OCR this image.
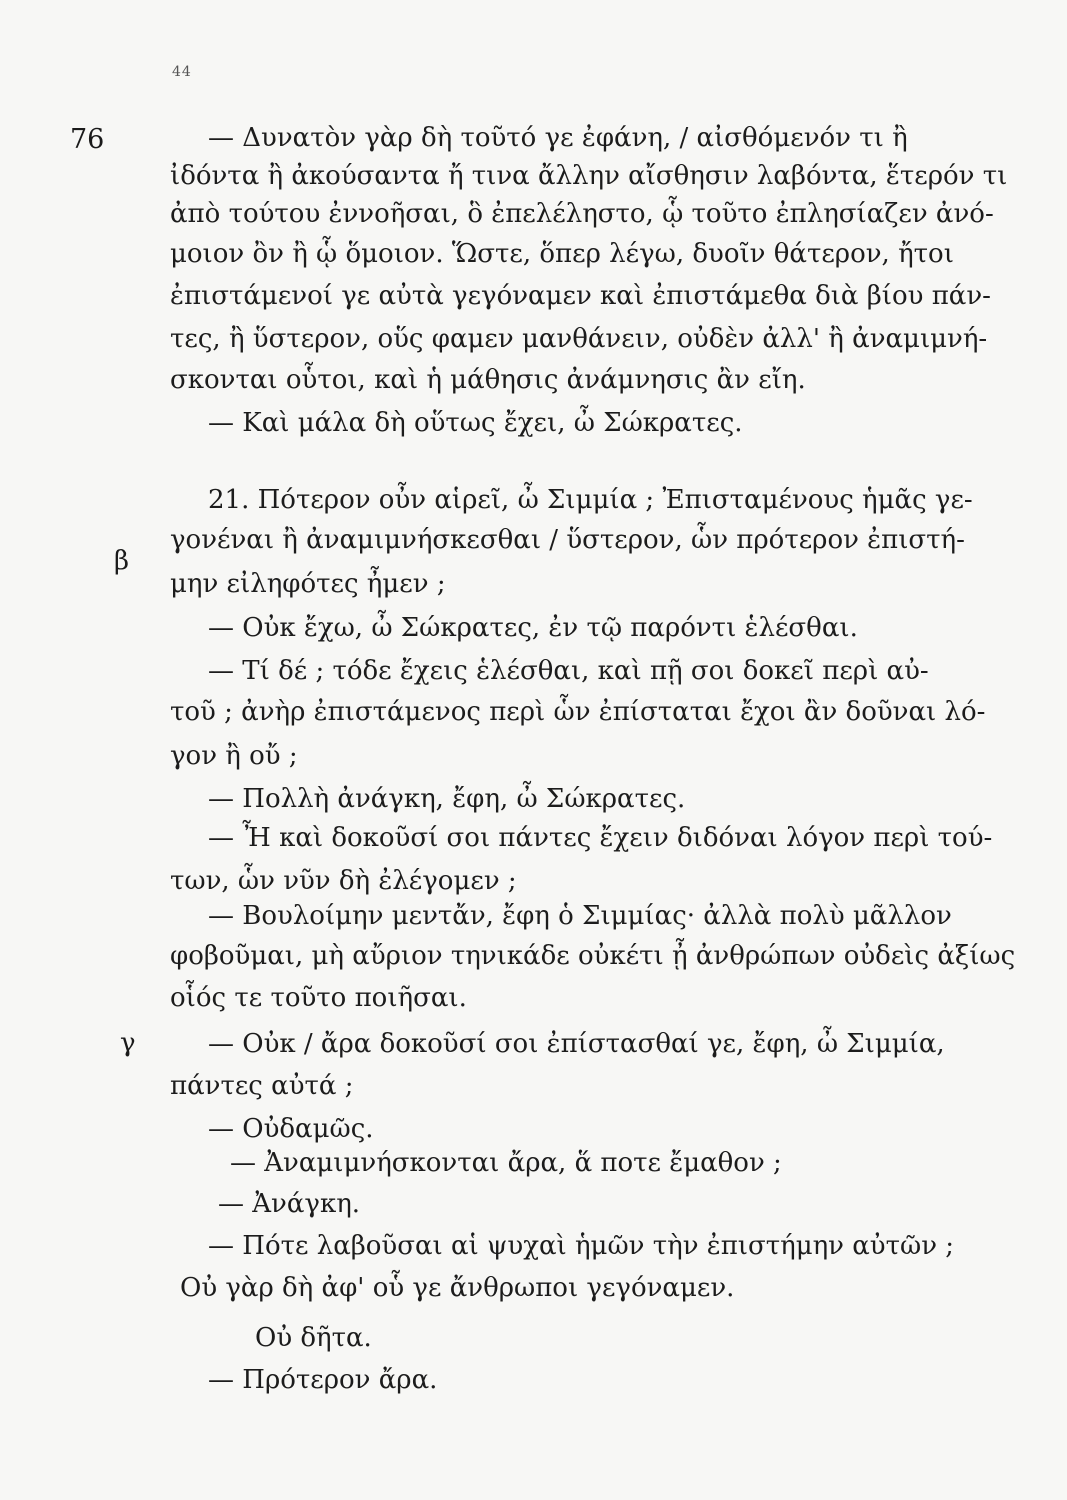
44
76
β
γ
— Δυνατὸν γὰρ δὴ τοῦτό γε ἐφάνη, / αἰσθόμενόν τι ἢ
ἰδόντα ἢ ἀκούσαντα ἤ τινα ἄλλην αἴσθησιν λαβόντα, ἕτερόν τι
ἀπὸ τούτου ἐννοῆσαι, ὃ ἐπελέληστο, ᾧ τοῦτο ἐπλησίαζεν ἀνό-
μοιον ὂν ἢ ᾧ ὅμοιον. Ὥστε, ὅπερ λέγω, δυοῖν θάτερον, ἤτοι
ἐπιστάμενοί γε αὐτὰ γεγόναμεν καὶ ἐπιστάμεθα διὰ βίου πάν-
τες, ἢ ὕστερον, οὕς φαμεν μανθάνειν, οὐδὲν ἀλλ' ἢ ἀναμιμνή-
σκονται οὗτοι, καὶ ἡ μάθησις ἀνάμνησις ἂν εἴη.
— Καὶ μάλα δὴ οὕτως ἔχει, ὦ Σώκρατες.
21. Πότερον οὖν αἱρεῖ, ὦ Σιμμία ; Ἐπισταμένους ἡμᾶς γε-
γονέναι ἢ ἀναμιμνήσκεσθαι / ὕστερον, ὧν πρότερον ἐπιστή-
μην εἰληφότες ἦμεν ;
— Οὐκ ἔχω, ὦ Σώκρατες, ἐν τῷ παρόντι ἑλέσθαι.
— Τί δέ ; τόδε ἔχεις ἑλέσθαι, καὶ πῇ σοι δοκεῖ περὶ αὐ-
τοῦ ; ἀνὴρ ἐπιστάμενος περὶ ὧν ἐπίσταται ἔχοι ἂν δοῦναι λό-
γον ἢ οὔ ;
— Πολλὴ ἀνάγκη, ἔφη, ὦ Σώκρατες.
— Ἦ καὶ δοκοῦσί σοι πάντες ἔχειν διδόναι λόγον περὶ τού-
των, ὧν νῦν δὴ ἐλέγομεν ;
— Βουλοίμην μεντἄν, ἔφη ὁ Σιμμίας· ἀλλὰ πολὺ μᾶλλον
φοβοῦμαι, μὴ αὔριον τηνικάδε οὐκέτι ᾖ ἀνθρώπων οὐδεὶς ἀξίως
οἷός τε τοῦτο ποιῆσαι.
— Οὐκ / ἄρα δοκοῦσί σοι ἐπίστασθαί γε, ἔφη, ὦ Σιμμία,
πάντες αὐτά ;
— Οὐδαμῶς.
— Ἀναμιμνήσκονται ἄρα, ἅ ποτε ἔμαθον ;
— Ἀνάγκη.
— Πότε λαβοῦσαι αἱ ψυχαὶ ἡμῶν τὴν ἐπιστήμην αὐτῶν ;
Οὐ γὰρ δὴ ἀφ' οὗ γε ἄνθρωποι γεγόναμεν.
Οὐ δῆτα.
— Πρότερον ἄρα.
